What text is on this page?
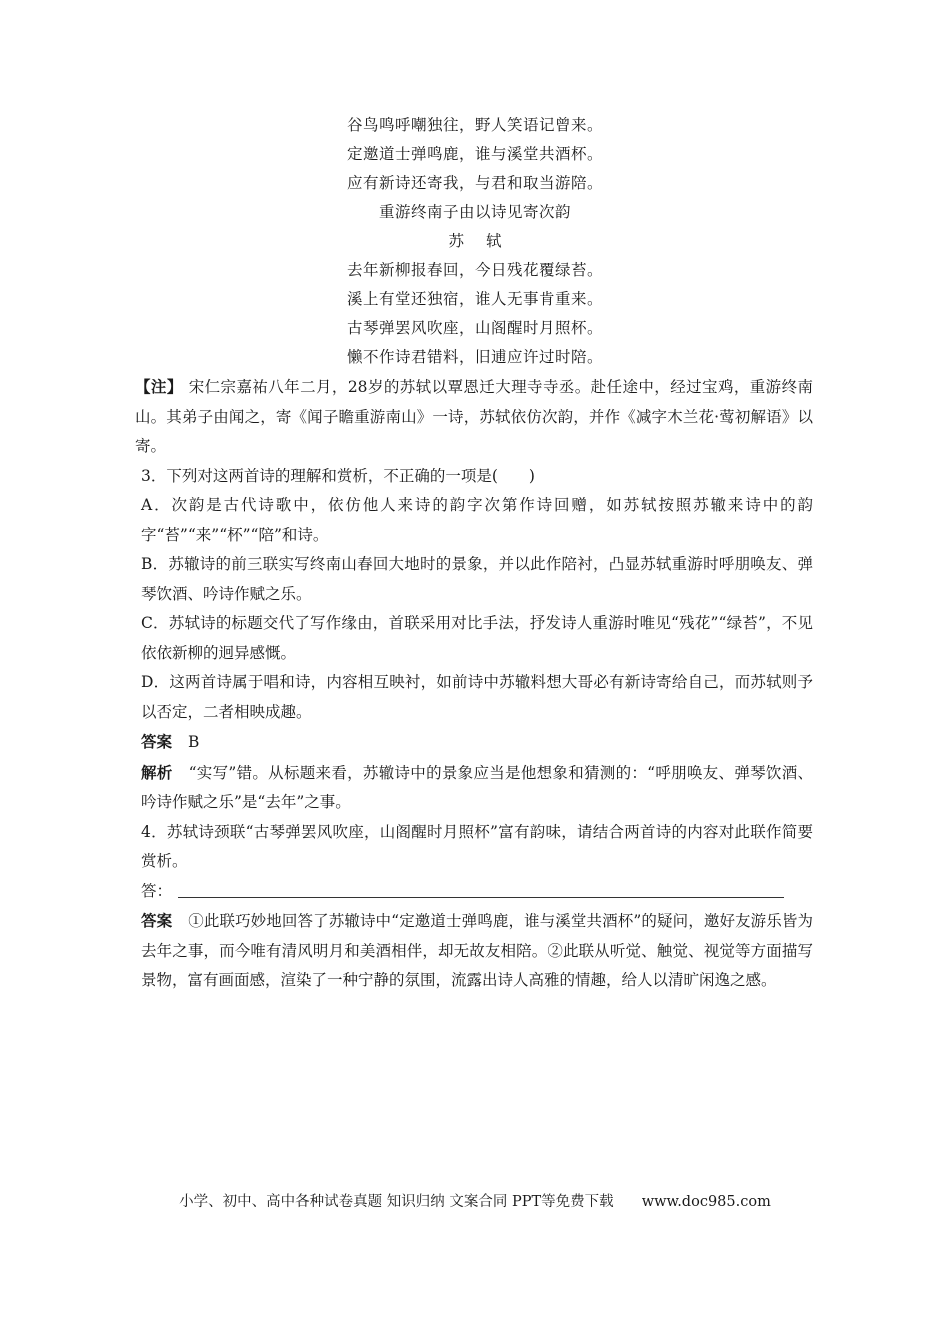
谷鸟鸣呼嘲独往，野人笑语记曾来。
定邀道士弹鸣鹿，谁与溪堂共酒杯。
应有新诗还寄我，与君和取当游陪。
重游终南子由以诗见寄次韵
苏 轼
去年新柳报春回，今日残花覆绿苔。
溪上有堂还独宿，谁人无事肯重来。
古琴弹罢风吹座，山阁醒时月照杯。
懒不作诗君错料，旧逋应许过时陪。

【注】 宋仁宗嘉祐八年二月，28岁的苏轼以覃恩迁大理寺寺丞。赴任途中，经过宝鸡，重游终南山。其弟子由闻之，寄《闻子瞻重游南山》一诗，苏轼依仿次韵，并作《减字木兰花·莺初解语》以寄。

3．下列对这两首诗的理解和赏析，不正确的一项是(　　)

A．次韵是古代诗歌中，依仿他人来诗的韵字次第作诗回赠，如苏轼按照苏辙来诗中的韵字“苔”“来”“杯”“陪”和诗。

B．苏辙诗的前三联实写终南山春回大地时的景象，并以此作陪衬，凸显苏轼重游时呼朋唤友、弹琴饮酒、吟诗作赋之乐。

C．苏轼诗的标题交代了写作缘由，首联采用对比手法，抒发诗人重游时唯见“残花”“绿苔”，不见依依新柳的迥异感慨。

D．这两首诗属于唱和诗，内容相互映衬，如前诗中苏辙料想大哥必有新诗寄给自己，而苏轼则予以否定，二者相映成趣。

答案 B

解析 “实写”错。从标题来看，苏辙诗中的景象应当是他想象和猜测的：“呼朋唤友、弹琴饮酒、吟诗作赋之乐”是“去年”之事。

4．苏轼诗颈联“古琴弹罢风吹座，山阁醒时月照杯”富有韵味，请结合两首诗的内容对此联作简要赏析。

答：

答案 ①此联巧妙地回答了苏辙诗中“定邀道士弹鸣鹿，谁与溪堂共酒杯”的疑问，邀好友游乐皆为去年之事，而今唯有清风明月和美酒相伴，却无故友相陪。②此联从听觉、触觉、视觉等方面描写景物，富有画面感，渲染了一种宁静的氛围，流露出诗人高雅的情趣，给人以清旷闲逸之感。

小学、初中、高中各种试卷真题 知识归纳 文案合同 PPT等免费下载 www.doc985.com
